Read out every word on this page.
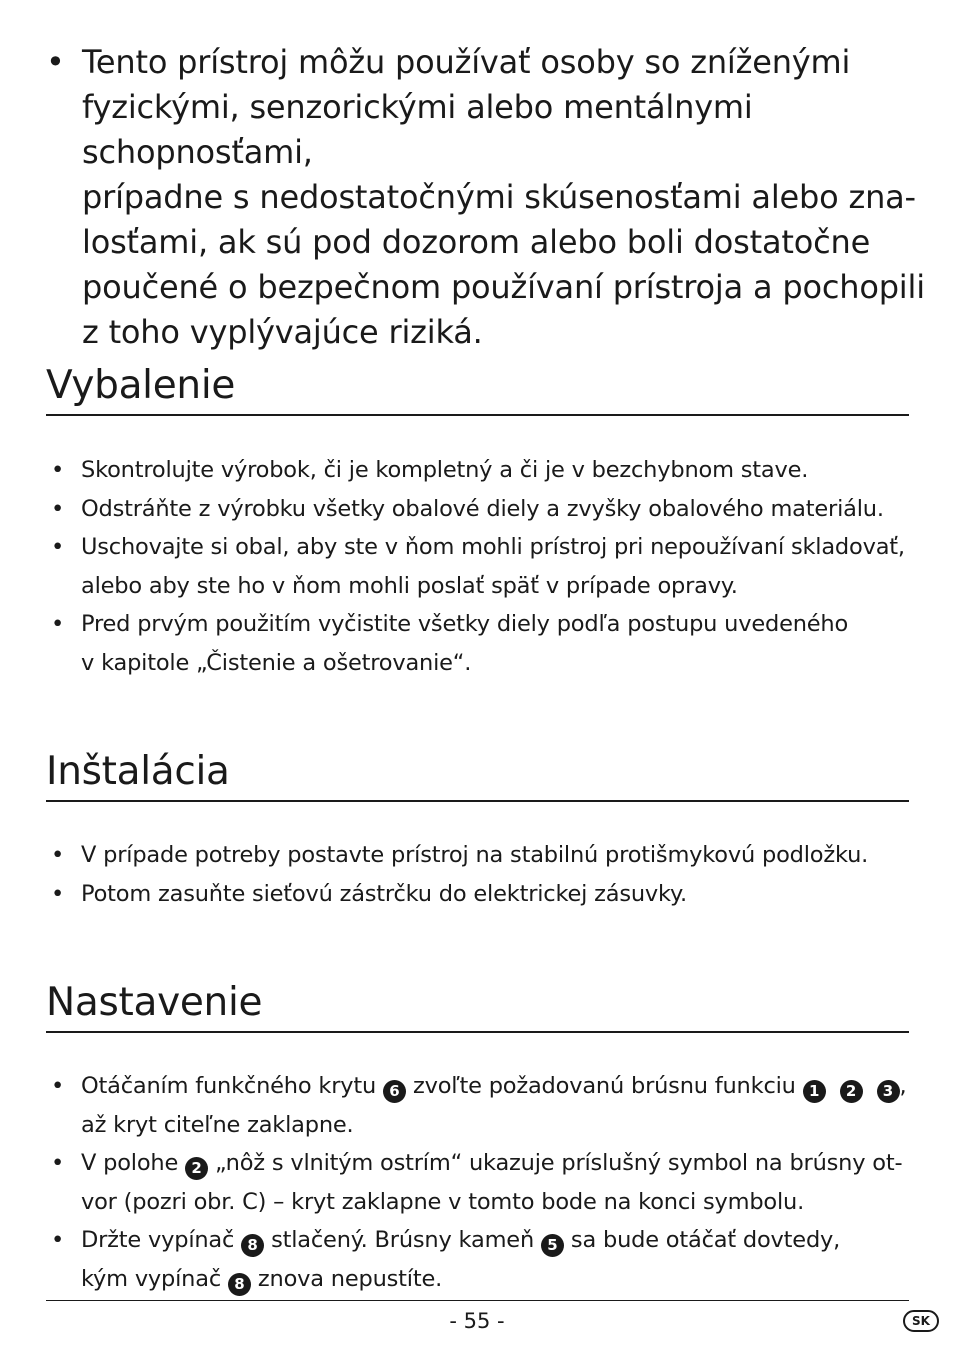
• Tento prístroj môžu používať osoby so zníženými
fyzickými, senzorickými alebo mentálnymi schopnosťami,
prípadne s nedostatočnými skúsenosťami alebo zna-
losťami, ak sú pod dozorom alebo boli dostatočne
poučené o bezpečnom používaní prístroja a pochopili
z toho vyplývajúce riziká.
Vybalenie
• Skontrolujte výrobok, či je kompletný a či je v bezchybnom stave.
• Odstráňte z výrobku všetky obalové diely a zvyšky obalového materiálu.
• Uschovajte si obal, aby ste v ňom mohli prístroj pri nepoužívaní skladovať,
alebo aby ste ho v ňom mohli poslať späť v prípade opravy.
• Pred prvým použitím vyčistite všetky diely podľa postupu uvedeného
v kapitole „Čistenie a ošetrovanie“.
Inštalácia
• V prípade potreby postavte prístroj na stabilnú protišmykovú podložku.
• Potom zasuňte sieťovú zástrčku do elektrickej zásuvky.
Nastavenie
• Otáčaním funkčného krytu 6 zvoľte požadovanú brúsnu funkciu 1 2 3 ,
až kryt citeľne zaklapne.
• V polohe 2 „nôž s vlnitým ostrím“ ukazuje príslušný symbol na brúsny ot-
vor (pozri obr. C) – kryt zaklapne v tomto bode na konci symbolu.
• Držte vypínač 8 stlačený. Brúsny kameň 5 sa bude otáčať dovtedy,
kým vypínač 8 znova nepustíte.
- 55 -	SK
